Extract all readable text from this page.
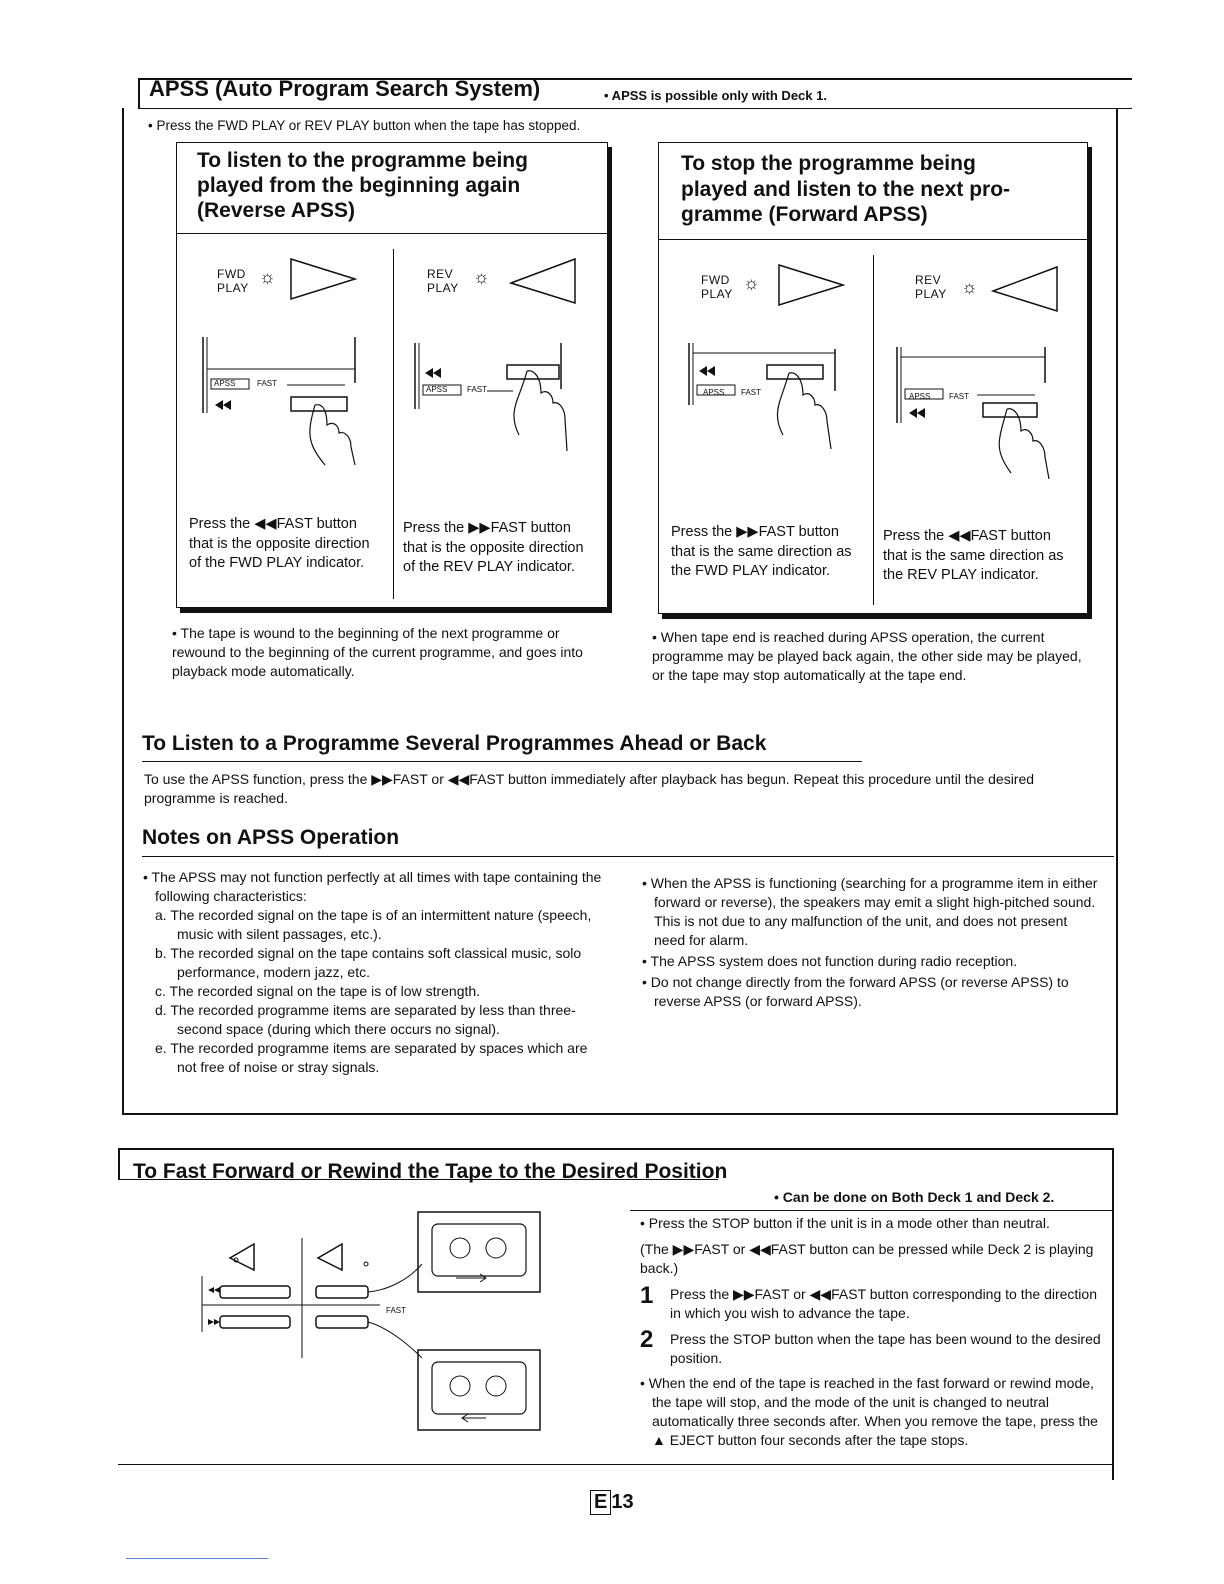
APSS (Auto Program Search System)	• APSS is possible only with Deck 1.
• Press the FWD PLAY or REV PLAY button when the tape has stopped.
To listen to the programme being
played from the beginning again
(Reverse APSS)
FWD
PLAY
☼
APSS	FAST
REV
PLAY
☼
APSS FAST
Press the ◀◀FAST button that is the opposite direction of the FWD PLAY indicator.
Press the ▶▶FAST button that is the opposite direction of the REV PLAY indicator.
To stop the programme being
played and listen to the next pro-
gramme (Forward APSS)
FWD
PLAY
☼
APSS FAST
REV
PLAY ☼
APSS FAST
Press the ▶▶FAST button that is the same direction as the FWD PLAY indicator.
Press the ◀◀FAST button that is the same direction as the REV PLAY indicator.
• The tape is wound to the beginning of the next programme or rewound to the beginning of the current programme, and goes into playback mode automatically.
• When tape end is reached during APSS operation, the current programme may be played back again, the other side may be played, or the tape may stop automatically at the tape end.
To Listen to a Programme Several Programmes Ahead or Back
To use the APSS function, press the ▶▶FAST or ◀◀FAST button immediately after playback has begun. Repeat this procedure until the desired programme is reached.
Notes on APSS Operation
• The APSS may not function perfectly at all times with tape containing the following characteristics:
a. The recorded signal on the tape is of an intermittent nature (speech, music with silent passages, etc.).
b. The recorded signal on the tape contains soft classical music, solo performance, modern jazz, etc.
c. The recorded signal on the tape is of low strength.
d. The recorded programme items are separated by less than three-second space (during which there occurs no signal).
e. The recorded programme items are separated by spaces which are not free of noise or stray signals.
• When the APSS is functioning (searching for a programme item in either forward or reverse), the speakers may emit a slight high-pitched sound. This is not due to any malfunction of the unit, and does not present need for alarm.
• The APSS system does not function during radio reception.
• Do not change directly from the forward APSS (or reverse APSS) to reverse APSS (or forward APSS).
To Fast Forward or Rewind the Tape to the Desired Position
• Can be done on Both Deck 1 and Deck 2.
FAST
• Press the STOP button if the unit is in a mode other than neutral.
(The ▶▶FAST or ◀◀FAST button can be pressed while Deck 2 is playing back.)
1 Press the ▶▶FAST or ◀◀FAST button corresponding to the direction in which you wish to advance the tape.
2 Press the STOP button when the tape has been wound to the desired position.
• When the end of the tape is reached in the fast forward or rewind mode, the tape will stop, and the mode of the unit is changed to neutral automatically three seconds after. When you remove the tape, press the ▲ EJECT button four seconds after the tape stops.
E 13
